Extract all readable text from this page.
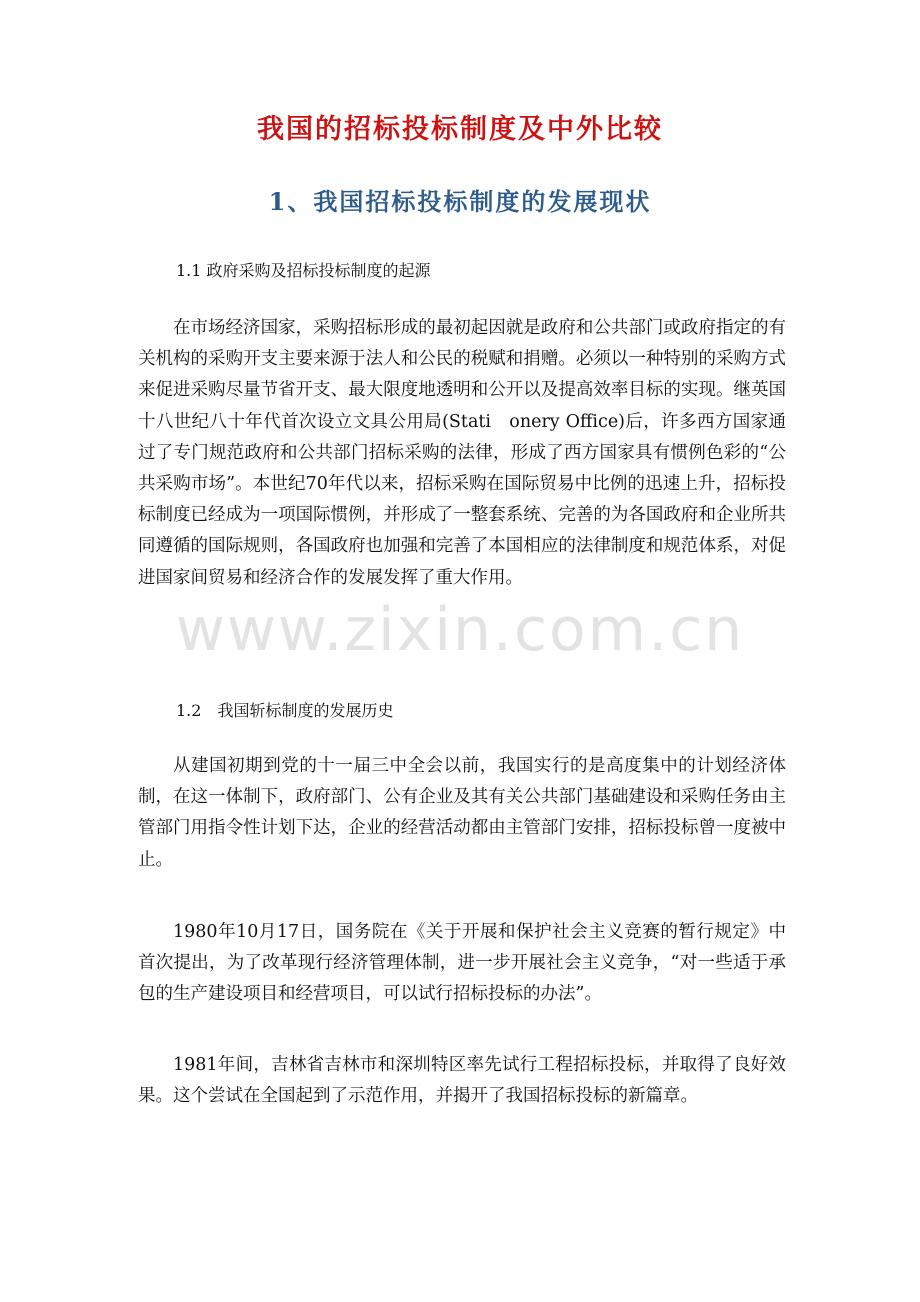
www.zixin.com.cn
我国的招标投标制度及中外比较
1、我国招标投标制度的发展现状
1.1 政府采购及招标投标制度的起源

在市场经济国家，采购招标形成的最初起因就是政府和公共部门或政府指定的有关机构的采购开支主要来源于法人和公民的税赋和捐赠。必须以一种特别的采购方式来促进采购尽量节省开支、最大限度地透明和公开以及提高效率目标的实现。继英国十八世纪八十年代首次设立文具公用局(Stati　onery Office)后，许多西方国家通过了专门规范政府和公共部门招标采购的法律，形成了西方国家具有惯例色彩的“公共采购市场”。本世纪70年代以来，招标采购在国际贸易中比例的迅速上升，招标投标制度已经成为一项国际惯例，并形成了一整套系统、完善的为各国政府和企业所共同遵循的国际规则，各国政府也加强和完善了本国相应的法律制度和规范体系，对促进国家间贸易和经济合作的发展发挥了重大作用。

1.2　我国斩标制度的发展历史

从建国初期到党的十一届三中全会以前，我国实行的是高度集中的计划经济体制，在这一体制下，政府部门、公有企业及其有关公共部门基础建设和采购任务由主管部门用指令性计划下达，企业的经营活动都由主管部门安排，招标投标曾一度被中止。

1980年10月17日，国务院在《关于开展和保护社会主义竞赛的暂行规定》中首次提出，为了改革现行经济管理体制，进一步开展社会主义竞争，“对一些适于承包的生产建设项目和经营项目，可以试行招标投标的办法”。

1981年间，吉林省吉林市和深圳特区率先试行工程招标投标，并取得了良好效果。这个尝试在全国起到了示范作用，并揭开了我国招标投标的新篇章。
